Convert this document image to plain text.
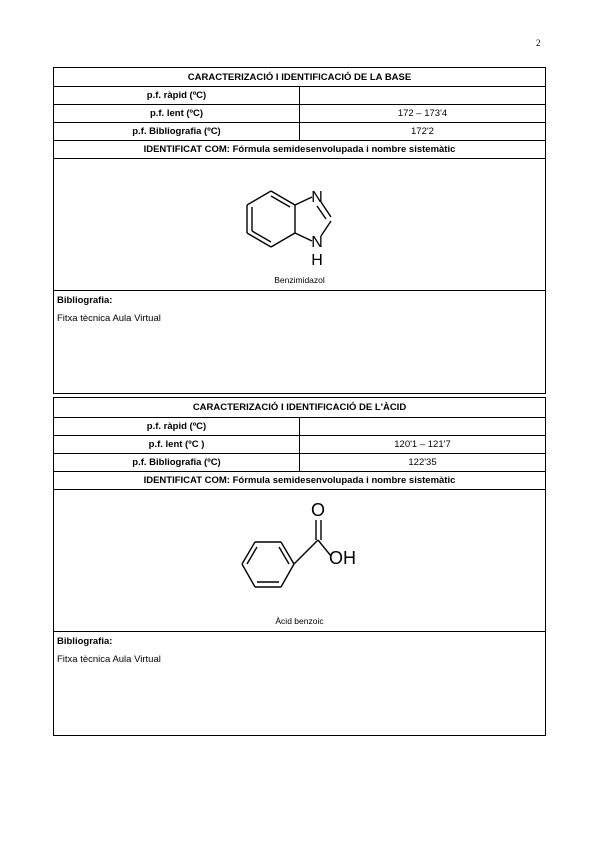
2
CARACTERIZACIÓ I IDENTIFICACIÓ DE LA BASE	
p.f. ràpid (ºC)	
p.f. lent (ºC)	172 – 173'4
p.f. Bibliografia (ºC)	172'2
IDENTIFICAT COM: Fórmula semidesenvolupada i nombre sistemàtic	

N
N
H
Benzimidazol	

Bibliografia:
Fitxa tècnica Aula Virtual	
CARACTERIZACIÓ I IDENTIFICACIÓ DE L'ÀCID	
p.f. ràpid (ºC)	
p.f. lent (ºC )	120'1 – 121'7
p.f. Bibliografia (ºC)	122'35
IDENTIFICAT COM: Fórmula semidesenvolupada i nombre sistemàtic	

O
OH
Àcid benzoic	

Bibliografia:
Fitxa tècnica Aula Virtual	
